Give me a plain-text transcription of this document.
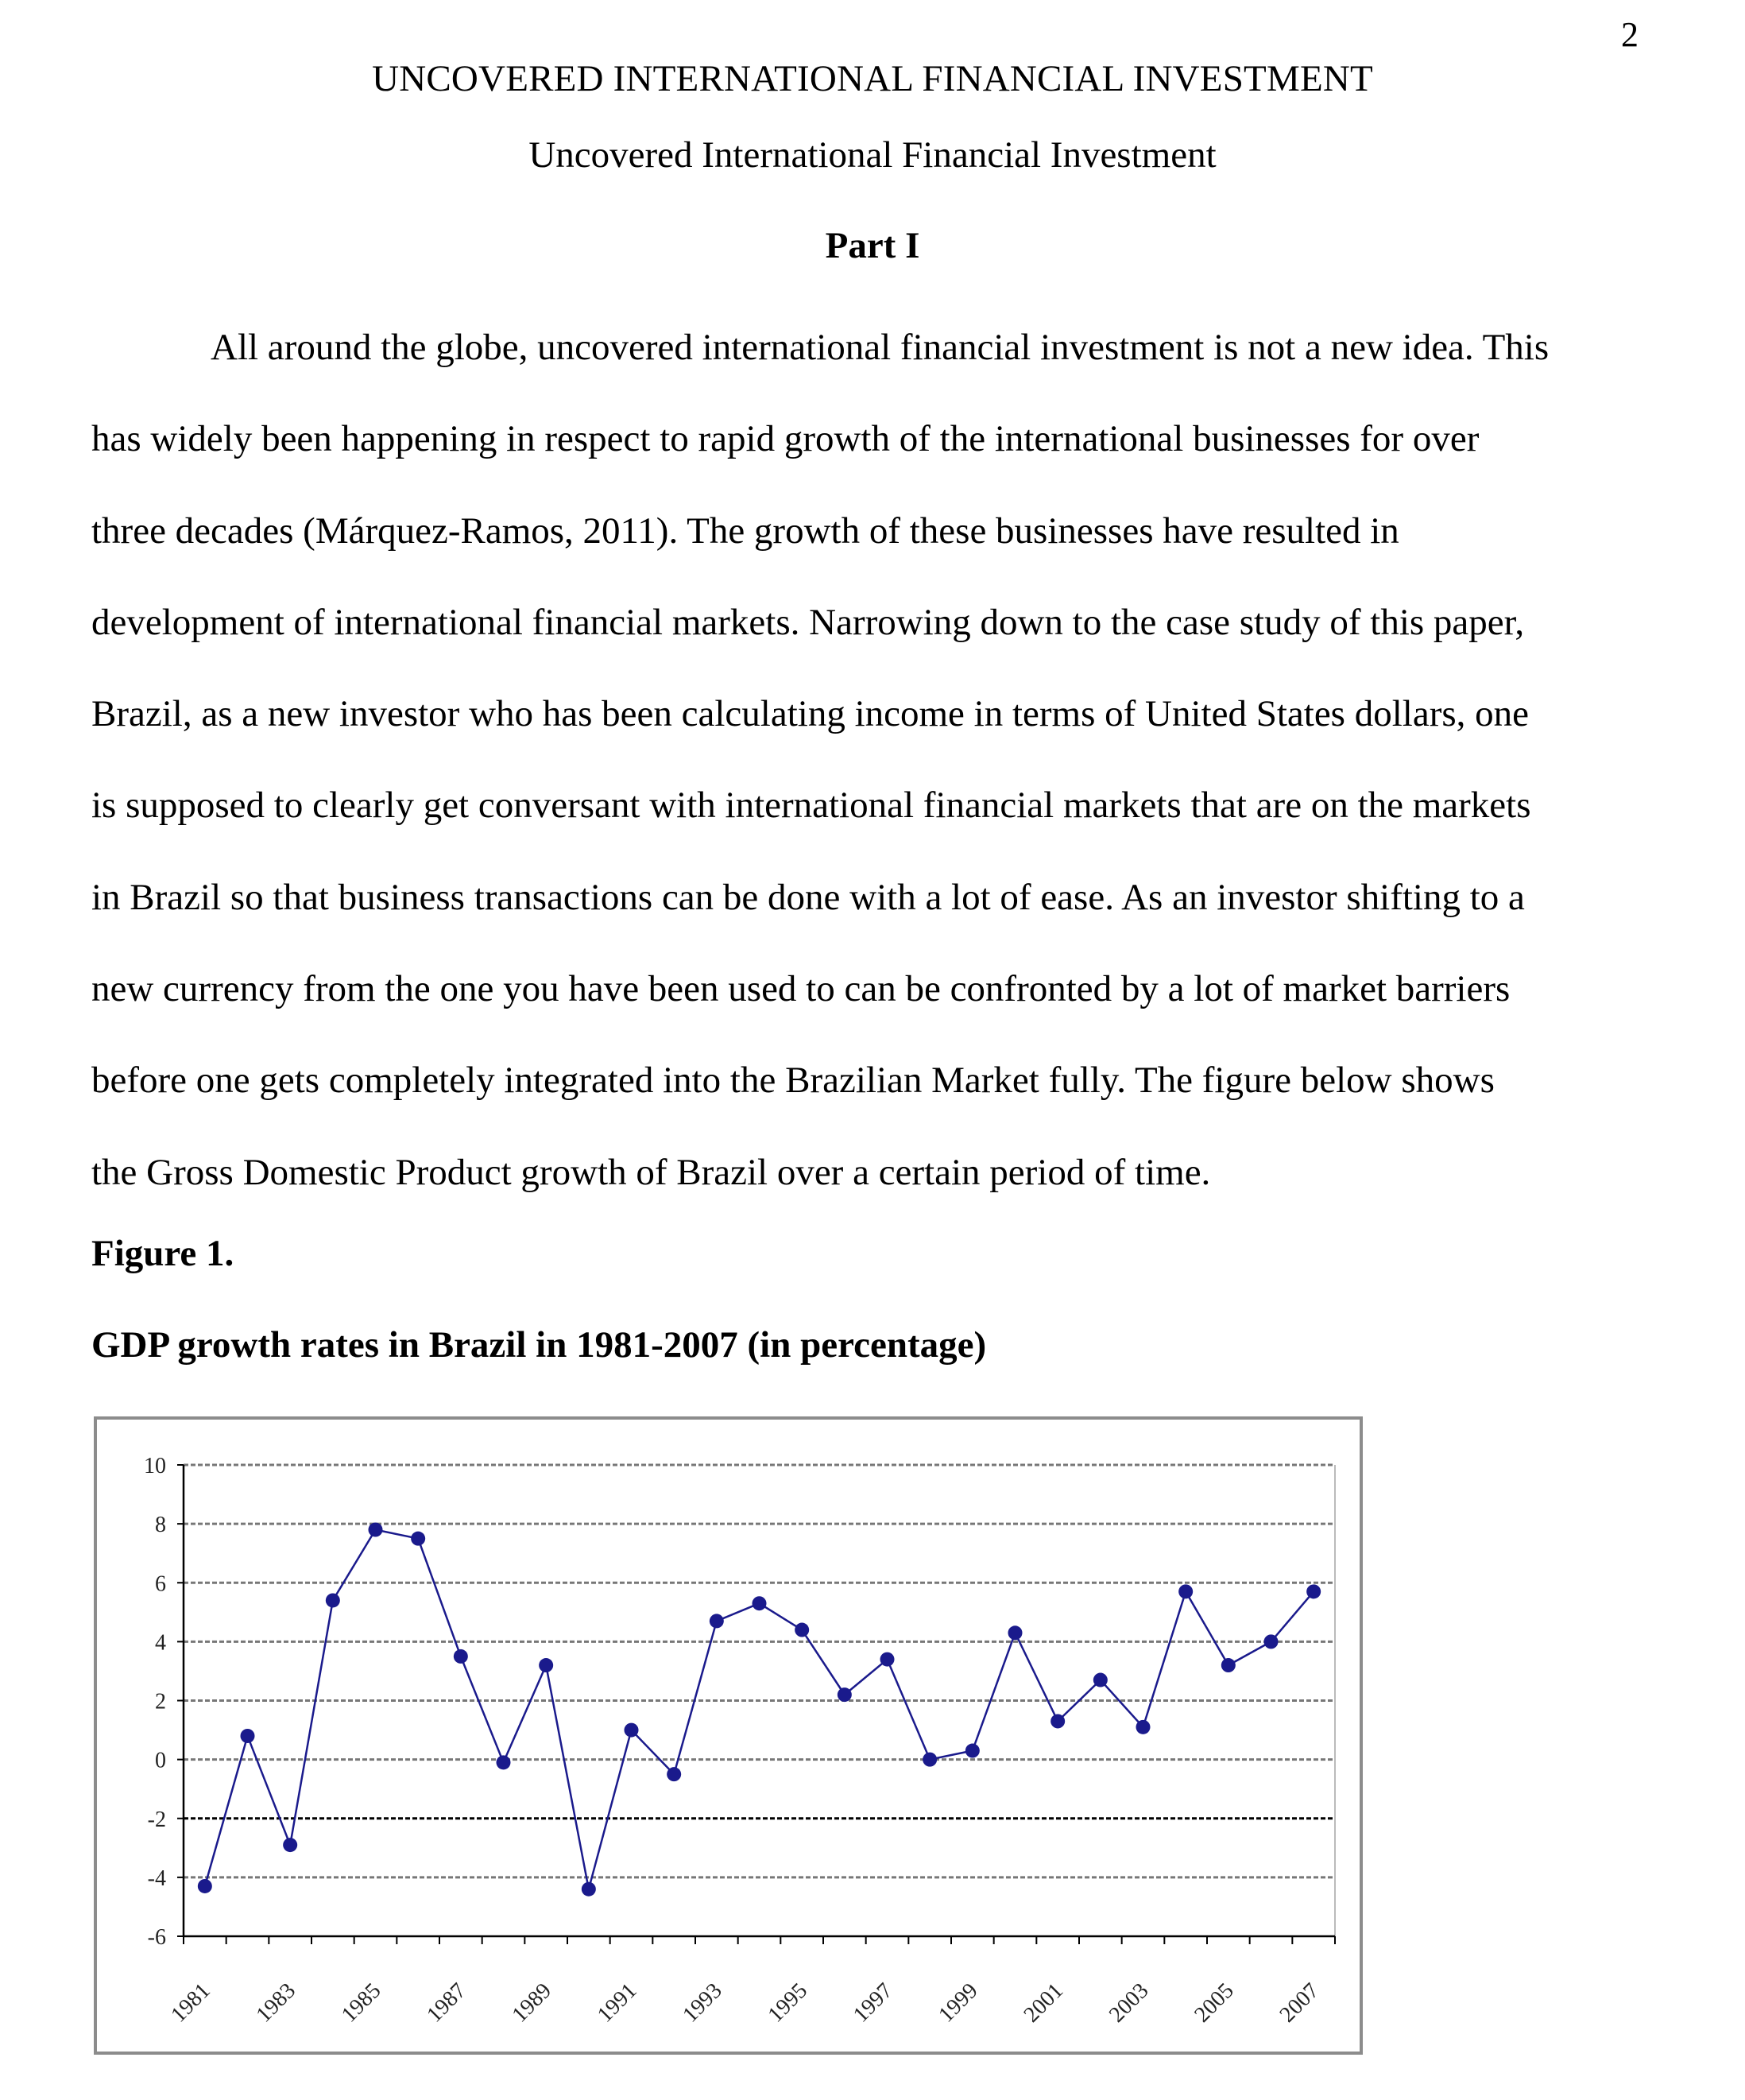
2
UNCOVERED INTERNATIONAL FINANCIAL INVESTMENT
Uncovered International Financial Investment
Part I
All around the globe, uncovered international financial investment is not a new idea. This
has widely been happening in respect to rapid growth of the international businesses for over
three decades (Márquez-Ramos, 2011). The growth of these businesses have resulted in
development of international financial markets. Narrowing down to the case study of this paper,
Brazil, as a new investor who has been calculating income in terms of United States dollars, one
is supposed to clearly get conversant with international financial markets that are on the markets
in Brazil so that business transactions can be done with a lot of ease. As an investor shifting to a
new currency from the one you have been used to can be confronted by a lot of market barriers
before one gets completely integrated into the Brazilian Market fully. The figure below shows
the Gross Domestic Product growth of Brazil over a certain period of time.
Figure 1.
GDP growth rates in Brazil in 1981-2007 (in percentage)
10
8
6
4
2
0
-2
-4
-6
1981 1983 1985 1987 1989 1991 1993 1995 1997 1999 2001 2003 2005 2007
